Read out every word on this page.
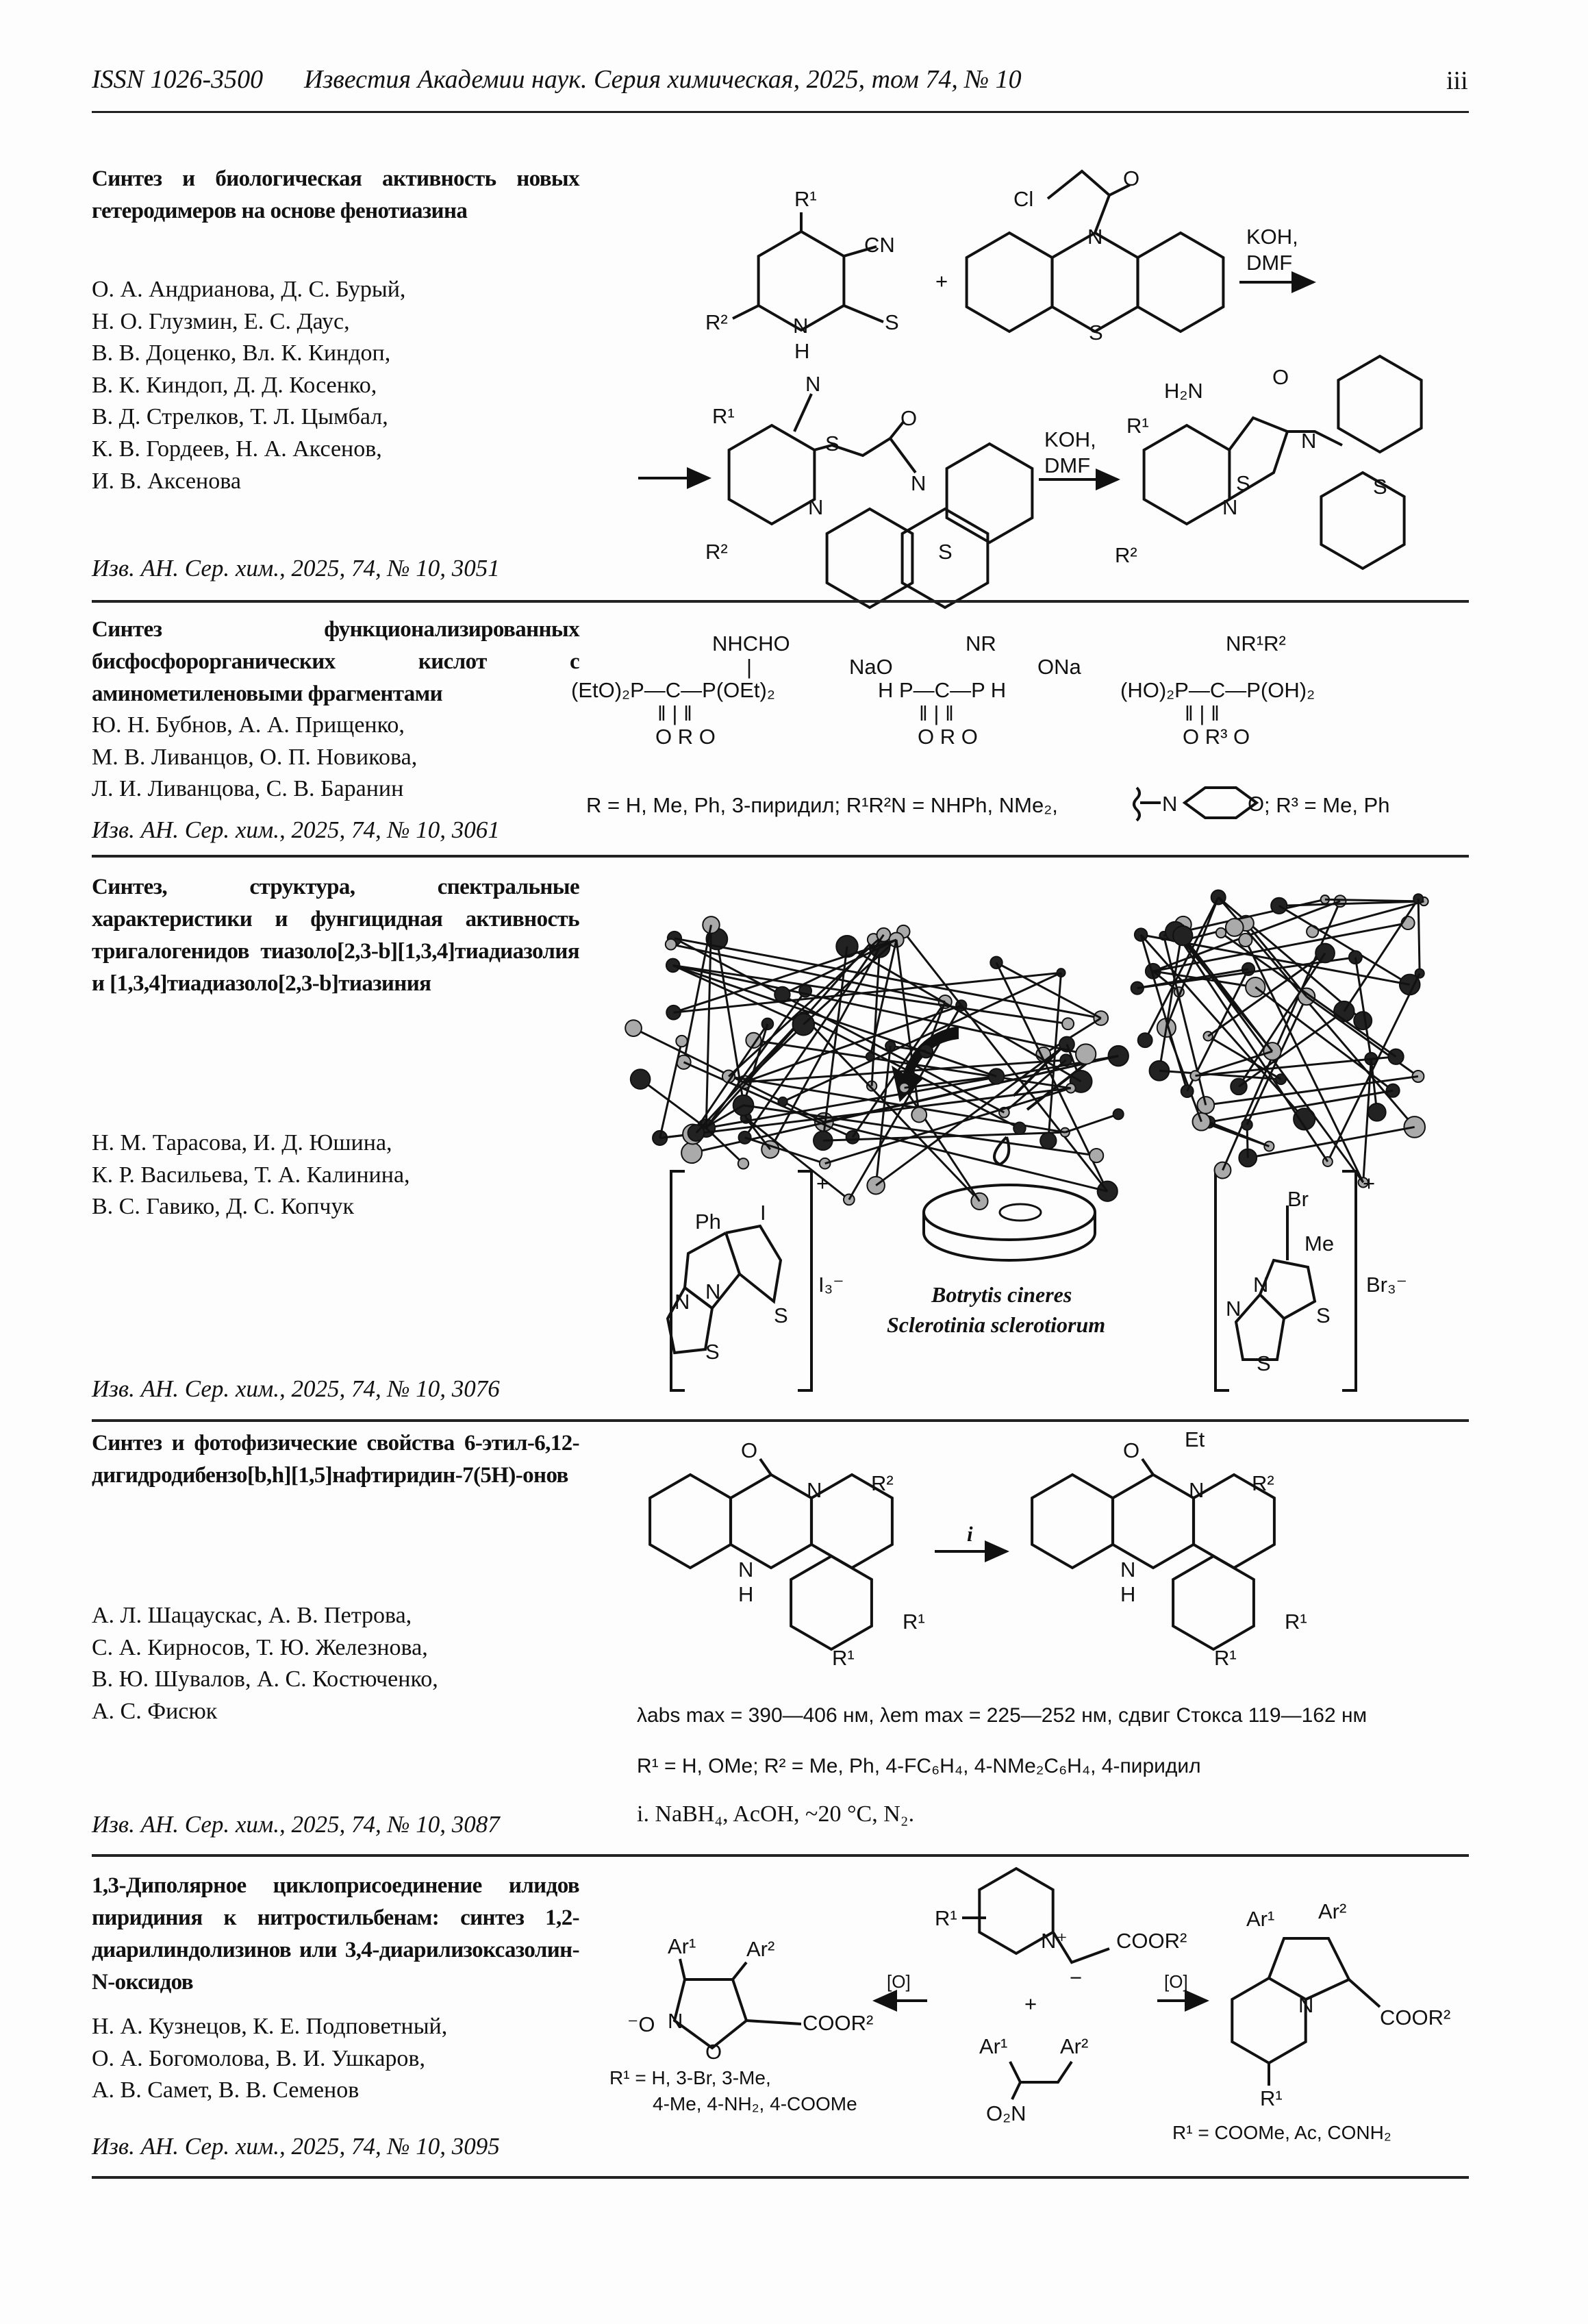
ISSN 1026-3500 Известия Академии наук. Серия химическая, 2025, том 74, № 10	iii
Синтез и биологическая активность новых гетеродимеров на основе фенотиазина
О. А. Андрианова, Д. С. Бурый,
Н. О. Глузмин, Е. С. Даус,
В. В. Доценко, Вл. К. Киндоп,
В. К. Киндоп, Д. Д. Косенко,
В. Д. Стрелков, Т. Л. Цымбал,
К. В. Гордеев, Н. А. Аксенов,
И. В. Аксенова
Изв. АН. Сер. хим., 2025, 74, № 10, 3051
R¹
CN
S
N
H
R²
+
Cl
O
N
S
KOH,
DMF
R¹
N
S
O
N
S
N
R²
KOH,
DMF
H₂N
R¹
S
O
N
S
N
R²
Синтез функционализированных бисфосфорорганических кислот с аминометиленовыми фрагментами
Ю. Н. Бубнов, А. А. Прищенко,
М. В. Ливанцов, О. П. Новикова,
Л. И. Ливанцова, С. В. Баранин
Изв. АН. Сер. хим., 2025, 74, № 10, 3061
NHCHO
|
(EtO)₂P—C—P(OEt)₂
‖ | ‖
O R O
NR
NaO	ONa
H P—C—P H
‖ | ‖
O R O
NR¹R²
(HO)₂P—C—P(OH)₂
‖ | ‖
O R³ O
R = H, Me, Ph, 3-пиридил; R¹R²N = NHPh, NMe₂,	N	O ; R³ = Me, Ph
Синтез, структура, спектральные характеристики и фунгицидная активность тригалогенидов тиазоло[2,3-b][1,3,4]тиадиазолия и [1,3,4]тиадиазоло[2,3-b]тиазиния
Н. М. Тарасова, И. Д. Юшина,
К. Р. Васильева, Т. А. Калинина,
В. С. Гавико, Д. С. Копчук
Изв. АН. Сер. хим., 2025, 74, № 10, 3076
Ph I
+
N N
S
S
I₃⁻	Botrytis cineres
Sclerotinia sclerotiorum
Br
Me
+
N
N
S
S
Br₃⁻
Синтез и фотофизические свойства 6-этил-6,12-дигидродибензо[b,h][1,5]нафтиридин-7(5H)-онов
А. Л. Шацаускас, А. В. Петрова,
С. А. Кирносов, Т. Ю. Железнова,
В. Ю. Шувалов, А. С. Костюченко,
А. С. Фисюк
Изв. АН. Сер. хим., 2025, 74, № 10, 3087
O
N R²
N
H
R¹
R¹
i
O Et
N R²
N
H
R¹
R¹
λabs max = 390—406 нм, λem max = 225—252 нм, сдвиг Стокса 119—162 нм
R¹ = H, OMe; R² = Me, Ph, 4-FC₆H₄, 4-NMe₂C₆H₄, 4-пиридил
i. NaBH₄, AcOH, ~20 °C, N₂.
1,3-Диполярное циклоприсоединение илидов пиридиния к нитростильбенам: синтез 1,2-диарилиндолизинов или 3,4-диарилизоксазолин-N-оксидов
Н. А. Кузнецов, К. Е. Подповетный,
О. А. Богомолова, В. И. Ушкаров,
А. В. Самет, В. В. Семенов
Изв. АН. Сер. хим., 2025, 74, № 10, 3095
Ar¹ Ar²
⁻O N
O
COOR²
[O]
R¹
N⁺ COOR²
−
+
Ar¹ Ar²
O₂N
[O]
Ar¹ Ar²
COOR²
N
R¹
R¹ = H, 3-Br, 3-Me,
4-Me, 4-NH₂, 4-COOMe
R¹ = COOMe, Ac, CONH₂
